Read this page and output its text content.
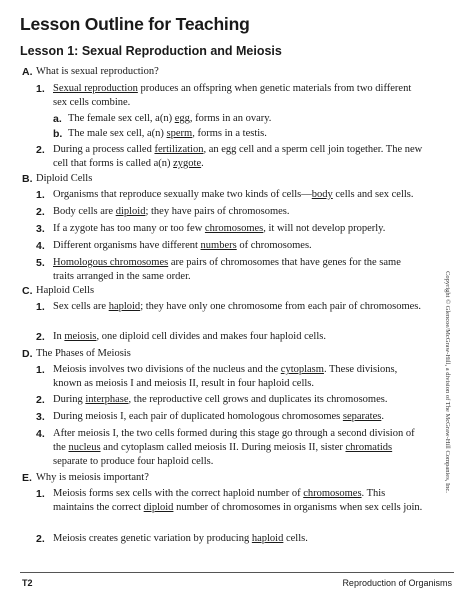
Lesson Outline for Teaching
Lesson 1: Sexual Reproduction and Meiosis
A. What is sexual reproduction?
1. Sexual reproduction produces an offspring when genetic materials from two different sex cells combine.
a. The female sex cell, a(n) egg, forms in an ovary.
b. The male sex cell, a(n) sperm, forms in a testis.
2. During a process called fertilization, an egg cell and a sperm cell join together. The new cell that forms is called a(n) zygote.
B. Diploid Cells
1. Organisms that reproduce sexually make two kinds of cells—body cells and sex cells.
2. Body cells are diploid; they have pairs of chromosomes.
3. If a zygote has too many or too few chromosomes, it will not develop properly.
4. Different organisms have different numbers of chromosomes.
5. Homologous chromosomes are pairs of chromosomes that have genes for the same traits arranged in the same order.
C. Haploid Cells
1. Sex cells are haploid; they have only one chromosome from each pair of chromosomes.
2. In meiosis, one diploid cell divides and makes four haploid cells.
D. The Phases of Meiosis
1. Meiosis involves two divisions of the nucleus and the cytoplasm. These divisions, known as meiosis I and meiosis II, result in four haploid cells.
2. During interphase, the reproductive cell grows and duplicates its chromosomes.
3. During meiosis I, each pair of duplicated homologous chromosomes separates.
4. After meiosis I, the two cells formed during this stage go through a second division of the nucleus and cytoplasm called meiosis II. During meiosis II, sister chromatids separate to produce four haploid cells.
E. Why is meiosis important?
1. Meiosis forms sex cells with the correct haploid number of chromosomes. This maintains the correct diploid number of chromosomes in organisms when sex cells join.
2. Meiosis creates genetic variation by producing haploid cells.
Copyright © Glencoe/McGraw-Hill, a division of The McGraw-Hill Companies, Inc.
T2	Reproduction of Organisms
